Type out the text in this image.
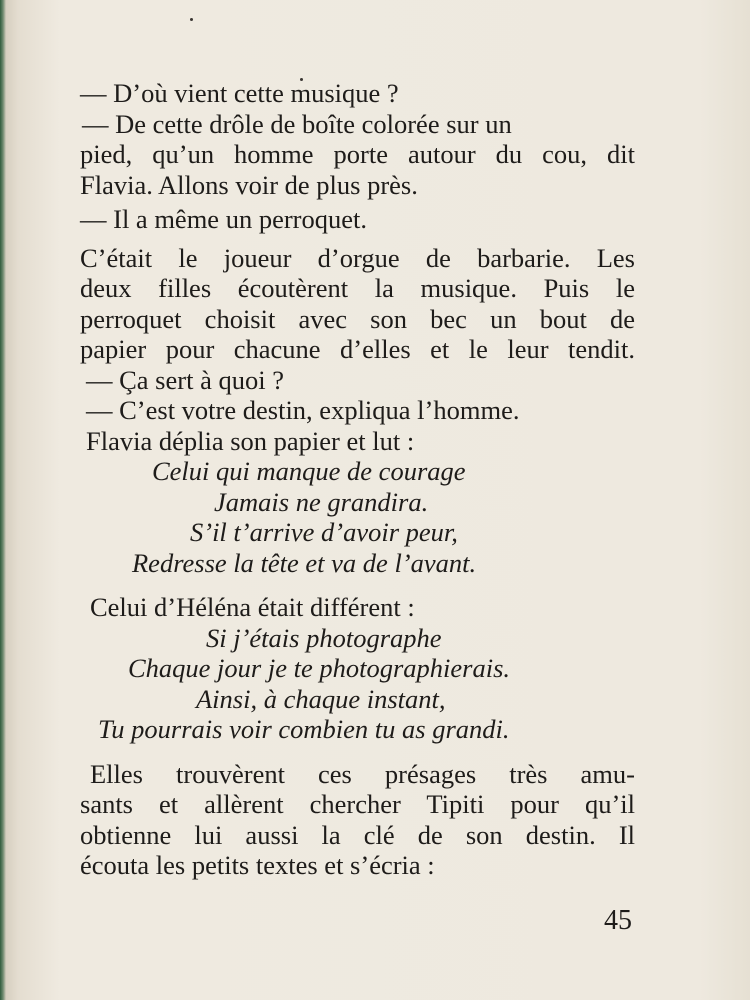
— D’où vient cette musique ?
— De cette drôle de boîte colorée sur un
pied, qu’un homme porte autour du cou, dit
Flavia. Allons voir de plus près.
— Il a même un perroquet.
C’était le joueur d’orgue de barbarie. Les
deux filles écoutèrent la musique. Puis le
perroquet choisit avec son bec un bout de
papier pour chacune d’elles et le leur tendit.
— Ça sert à quoi ?
— C’est votre destin, expliqua l’homme.
Flavia déplia son papier et lut :
Celui qui manque de courage
Jamais ne grandira.
S’il t’arrive d’avoir peur,
Redresse la tête et va de l’avant.
Celui d’Héléna était différent :
Si j’étais photographe
Chaque jour je te photographierais.
Ainsi, à chaque instant,
Tu pourrais voir combien tu as grandi.
Elles trouvèrent ces présages très amu-
sants et allèrent chercher Tipiti pour qu’il
obtienne lui aussi la clé de son destin. Il
écouta les petits textes et s’écria :
45
